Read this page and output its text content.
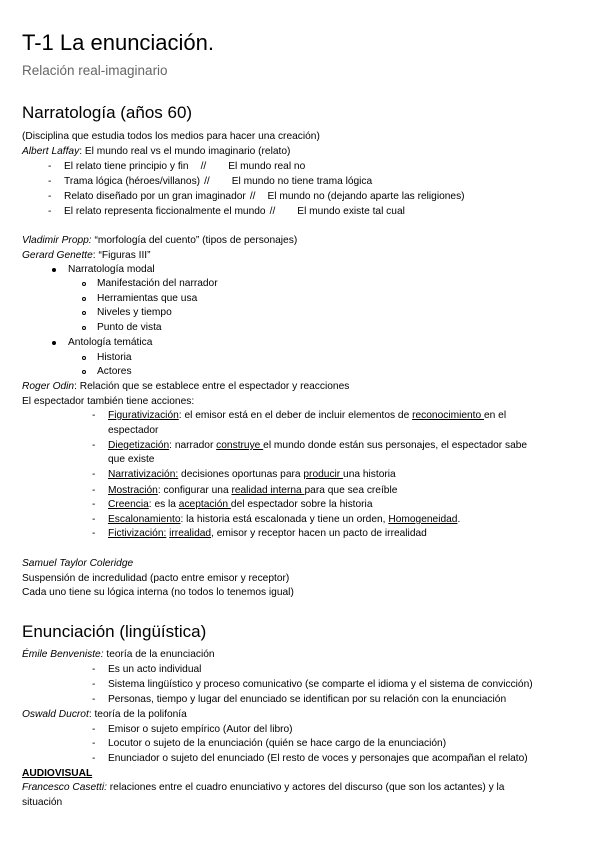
T-1 La enunciación.
Relación real-imaginario
Narratología (años 60)
(Disciplina que estudia todos los medios para hacer una creación)
Albert Laffay: El mundo real vs el mundo imaginario (relato)
- El relato tiene principio y fin // El mundo real no
- Trama lógica (héroes/villanos) // El mundo no tiene trama lógica
- Relato diseñado por un gran imaginador // El mundo no (dejando aparte las religiones)
- El relato representa ficcionalmente el mundo // El mundo existe tal cual
Vladimir Propp: “morfología del cuento” (tipos de personajes)
Gerard Genette: “Figuras III”
Narratología modal
Manifestación del narrador
Herramientas que usa
Niveles y tiempo
Punto de vista
Antología temática
Historia
Actores
Roger Odin: Relación que se establece entre el espectador y reacciones
El espectador también tiene acciones:
- Figurativización: el emisor está en el deber de incluir elementos de reconocimiento en el
espectador
- Diegetización: narrador construye el mundo donde están sus personajes, el espectador sabe
que existe
- Narrativización: decisiones oportunas para producir una historia
- Mostración: configurar una realidad interna para que sea creíble
- Creencia: es la aceptación del espectador sobre la historia
- Escalonamiento: la historia está escalonada y tiene un orden, Homogeneidad.
- Fictivización: irrealidad, emisor y receptor hacen un pacto de irrealidad
Samuel Taylor Coleridge
Suspensión de incredulidad (pacto entre emisor y receptor)
Cada uno tiene su lógica interna (no todos lo tenemos igual)
Enunciación (lingüística)
Émile Benveniste: teoría de la enunciación
- Es un acto individual
- Sistema lingüístico y proceso comunicativo (se comparte el idioma y el sistema de convicción)
- Personas, tiempo y lugar del enunciado se identifican por su relación con la enunciación
Oswald Ducrot: teoría de la polifonía
- Emisor o sujeto empírico (Autor del libro)
- Locutor o sujeto de la enunciación (quién se hace cargo de la enunciación)
- Enunciador o sujeto del enunciado (El resto de voces y personajes que acompañan el relato)
AUDIOVISUAL
Francesco Casetti: relaciones entre el cuadro enunciativo y actores del discurso (que son los actantes) y la
situación
